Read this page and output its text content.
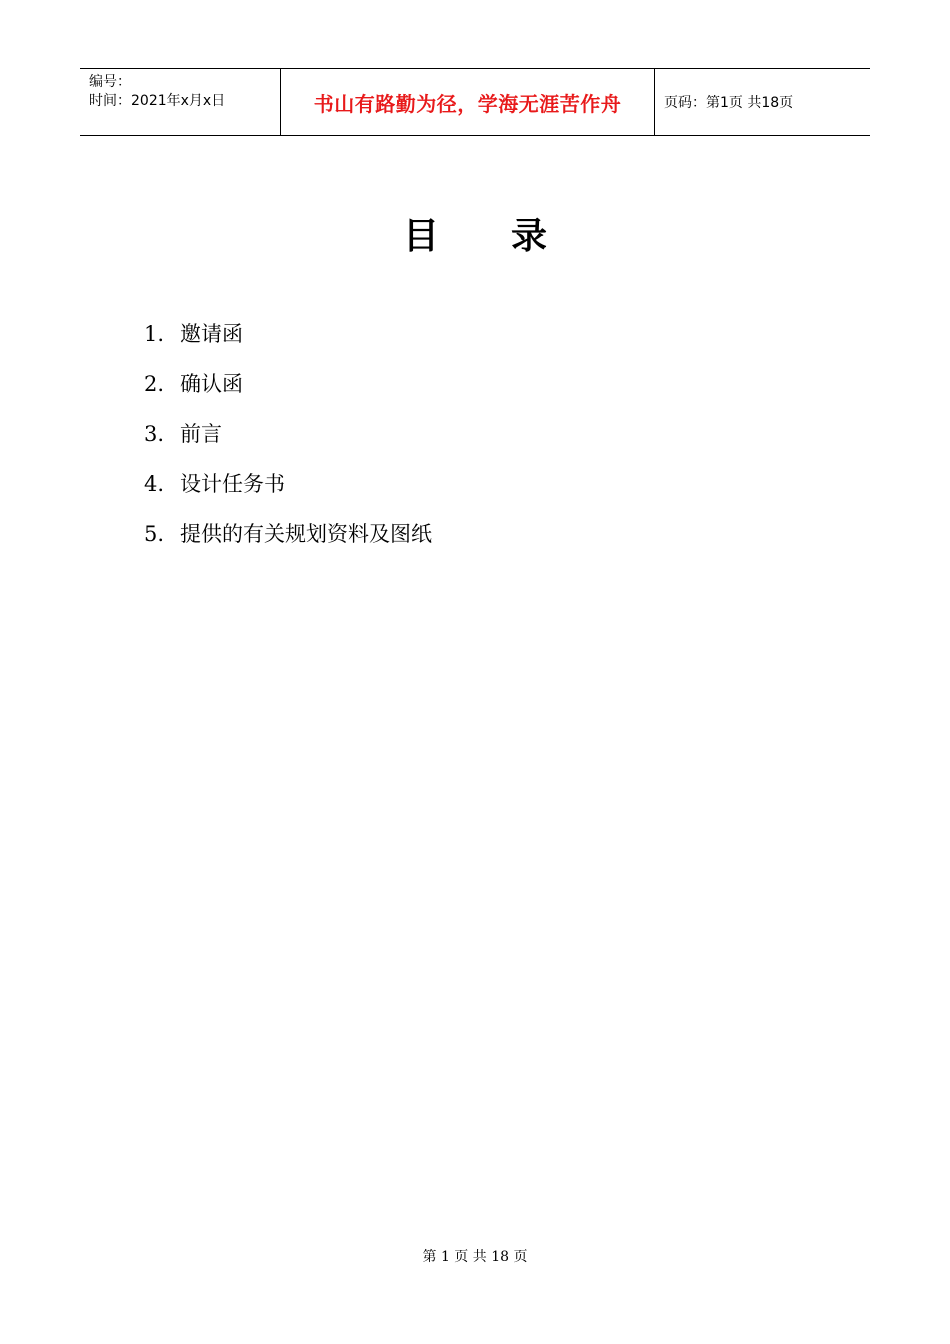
编号：
时间：2021年x月x日	书山有路勤为径，学海无涯苦作舟	页码：第1页 共18页
目录
1. 邀请函
2. 确认函
3. 前言
4. 设计任务书
5. 提供的有关规划资料及图纸
第 1 页 共 18 页
